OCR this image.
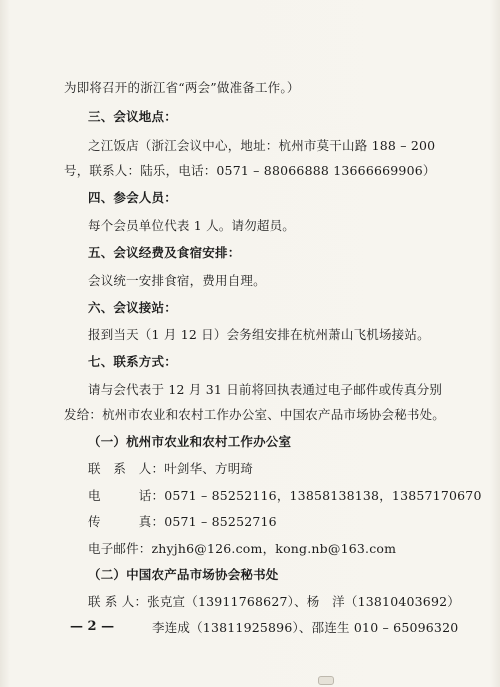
为即将召开的浙江省“两会”做准备工作。）
三、会议地点：
之江饭店（浙江会议中心，地址：杭州市莫干山路 188 – 200
号，联系人：陆乐，电话：0571 – 88066888 13666669906）
四、参会人员：
每个会员单位代表 1 人。请勿超员。
五、会议经费及食宿安排：
会议统一安排食宿，费用自理。
六、会议接站：
报到当天（1 月 12 日）会务组安排在杭州萧山飞机场接站。
七、联系方式：
请与会代表于 12 月 31 日前将回执表通过电子邮件或传真分别
发给：杭州市农业和农村工作办公室、中国农产品市场协会秘书处。
（一）杭州市农业和农村工作办公室
联　系　人：叶剑华、方明琦
电　　　话：0571 – 85252116，13858138138，13857170670
传　　　真：0571 – 85252716
电子邮件：zhyjh6@126.com，kong.nb@163.com
（二）中国农产品市场协会秘书处
联 系 人：张克宣（13911768627）、杨　洋（13810403692）
李连成（13811925896）、邵连生 010 – 65096320
— 2 —
